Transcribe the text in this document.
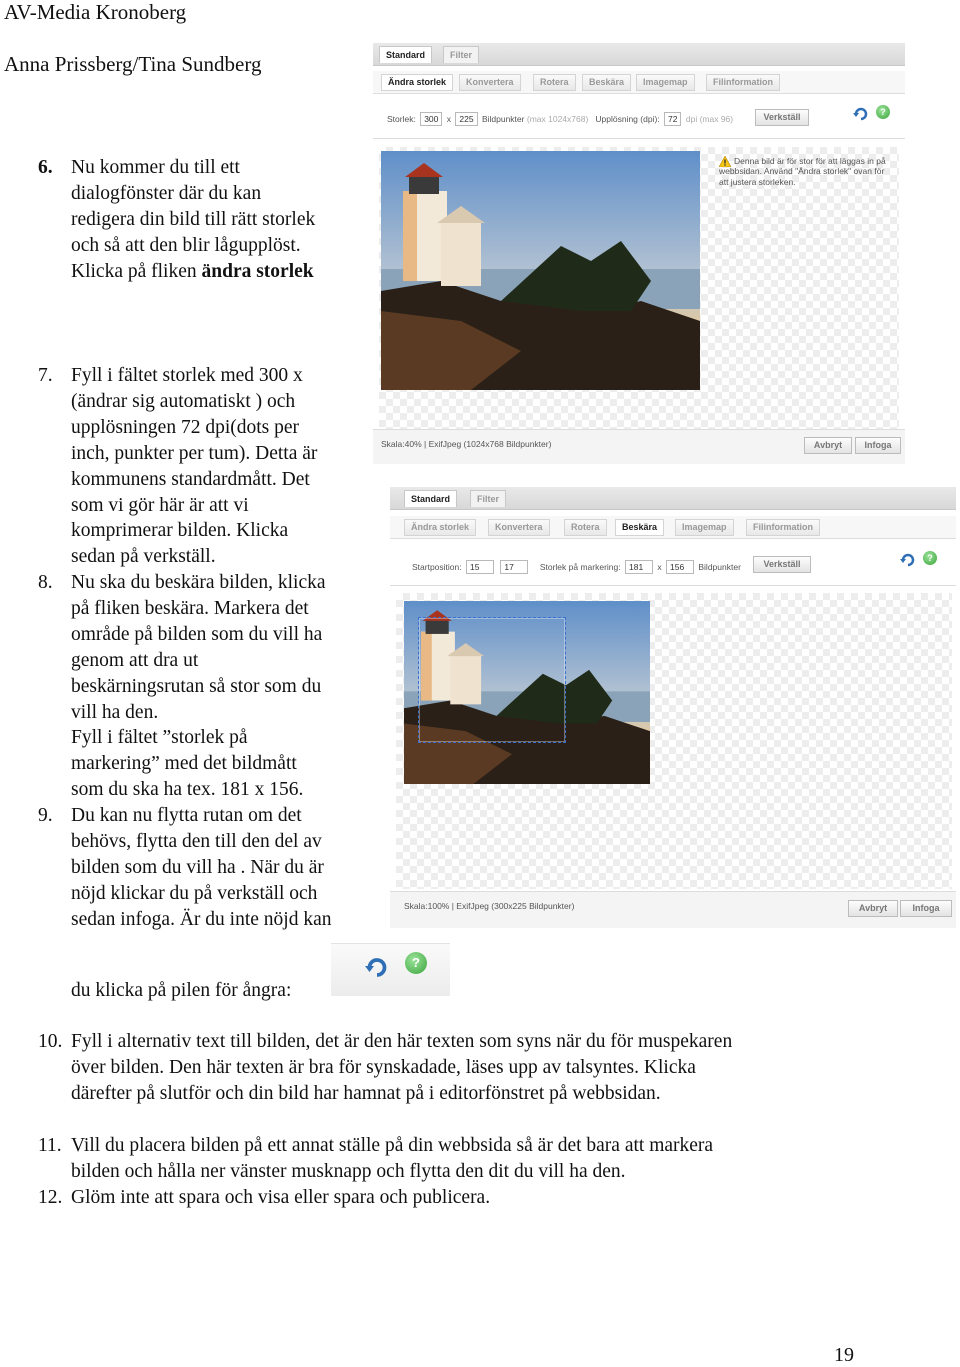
AV-Media Kronoberg
Anna Prissberg/Tina Sundberg
6. Nu kommer du till ett
dialogfönster där du kan
redigera din bild till rätt storlek
och så att den blir lågupplöst.
Klicka på fliken ändra storlek
7. Fyll i fältet storlek med 300 x
(ändrar sig automatiskt ) och
upplösningen 72 dpi(dots per
inch, punkter per tum). Detta är
kommunens standardmått. Det
som vi gör här är att vi
komprimerar bilden. Klicka
sedan på verkställ.
8. Nu ska du beskära bilden, klicka
på fliken beskära. Markera det
område på bilden som du vill ha
genom att dra ut
beskärningsrutan så stor som du
vill ha den.
Fyll i fältet ”storlek på
markering” med det bildmått
som du ska ha tex. 181 x 156.
9. Du kan nu flytta rutan om det
behövs, flytta den till den del av
bilden som du vill ha . När du är
nöjd klickar du på verkställ och
sedan infoga. Är du inte nöjd kan
du klicka på pilen för ångra:
10. Fyll i alternativ text till bilden, det är den här texten som syns när du för muspekaren
över bilden. Den här texten är bra för synskadade, läses upp av talsyntes. Klicka
därefter på slutför och din bild har hamnat på i editorfönstret på webbsidan.
11. Vill du placera bilden på ett annat ställe på din webbsida så är det bara att markera
bilden och hålla ner vänster musknapp och flytta den dit du vill ha den.
12. Glöm inte att spara och visa eller spara och publicera.
19
Standard	Filter
Ändra storlek	Konvertera	Rotera	Beskära	Imagemap	Filinformation
Storlek: 300 x 225 Bildpunkter (max 1024x768) Upplösning (dpi): 72 dpi (max 96)	Verkställ	?
Denna bild är för stor för att läggas in på
webbsidan. Använd "Ändra storlek" ovan för
att justera storleken.
Skala:40% | ExifJpeg (1024x768 Bildpunkter)	Avbryt	Infoga
Standard	Filter
Ändra storlek	Konvertera	Rotera	Beskära	Imagemap	Filinformation
Startposition: 15	17	Storlek på markering: 181 x 156 Bildpunkter	Verkställ
?
Skala:100% | ExifJpeg (300x225 Bildpunkter)	Avbryt	Infoga
?
